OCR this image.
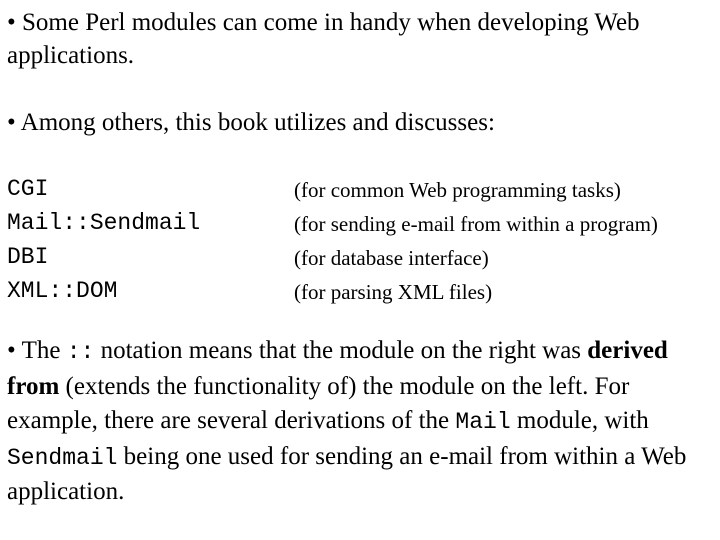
• Some Perl modules can come in handy when developing Web applications.

• Among others, this book utilizes and discusses:

CGI	(for common Web programming tasks)
Mail::Sendmail	(for sending e-mail from within a program)
DBI	(for database interface)
XML::DOM	(for parsing XML files)

• The :: notation means that the module on the right was derived from (extends the functionality of) the module on the left. For example, there are several derivations of the Mail module, with Sendmail being one used for sending an e-mail from within a Web application.
